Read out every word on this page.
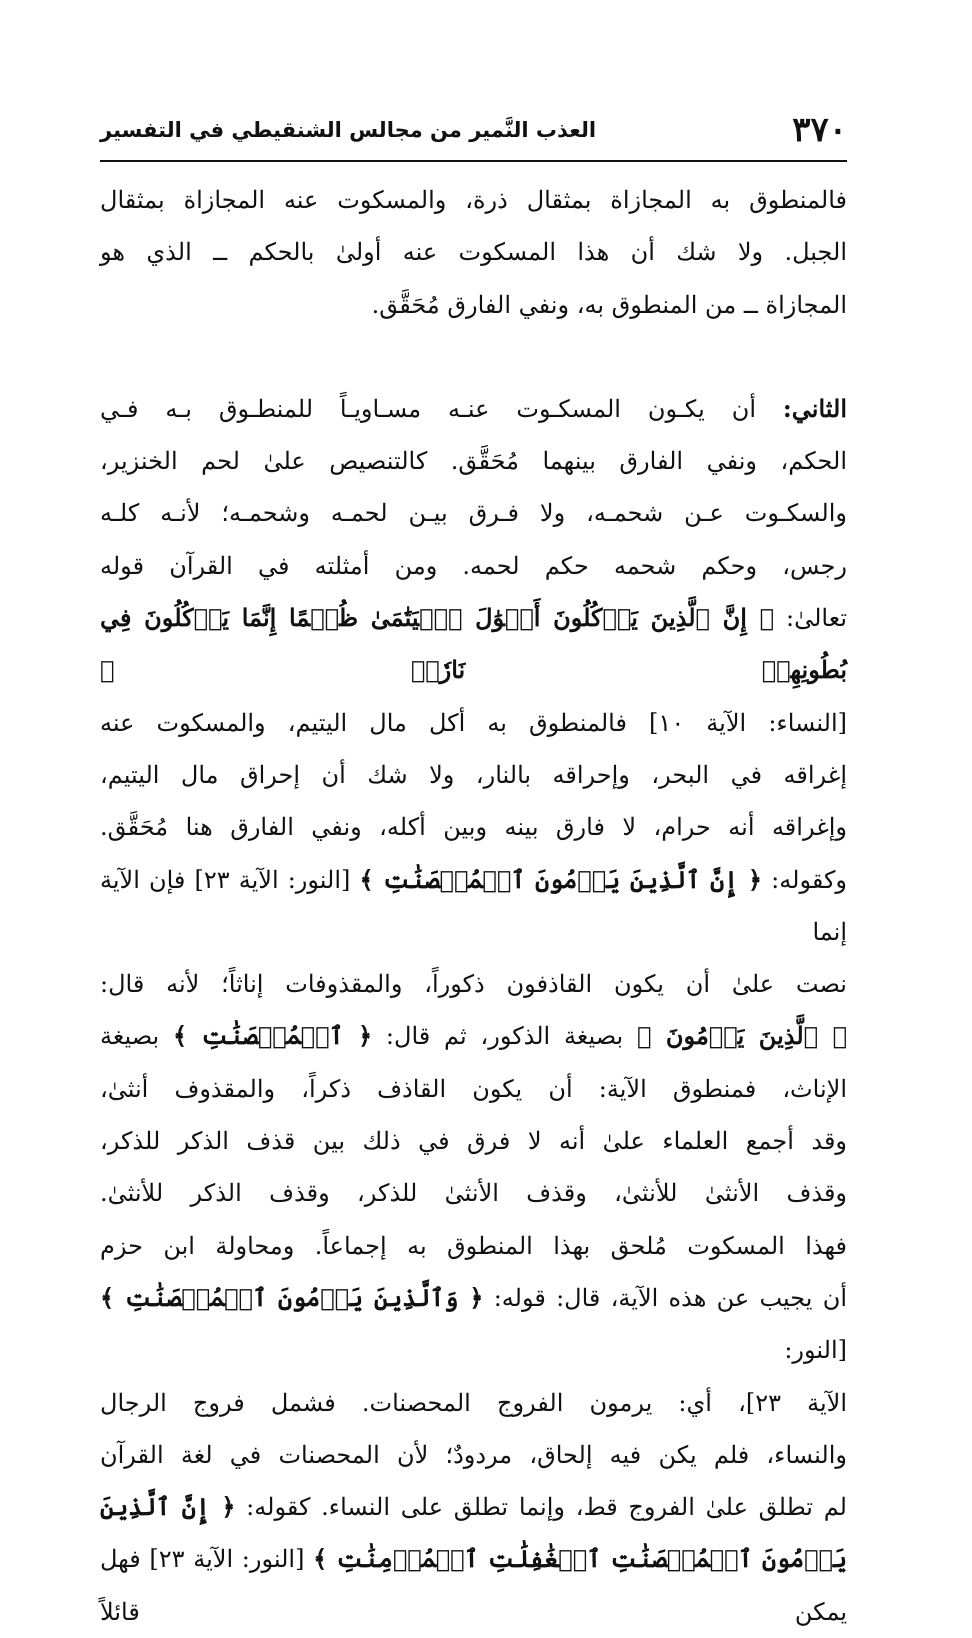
٣٧٠
العذب النَّمير من مجالس الشنقيطي في التفسير

فالمنطوق به المجازاة بمثقال ذرة، والمسكوت عنه المجازاة بمثقال

الجبل. ولا شك أن هذا المسكوت عنه أولىٰ بالحكم ــ الذي هو

المجازاة ــ من المنطوق به، ونفي الفارق مُحَقَّق.

الثاني: أن يكـون المسكـوت عنـه مسـاويـاً للمنطـوق بـه فـي

الحكم، ونفي الفارق بينهما مُحَقَّق. كالتنصيص علىٰ لحم الخنزير،

والسكـوت عـن شحمـه، ولا فـرق بيـن لحمـه وشحمـه؛ لأنـه كلـه

رجس، وحكم شحمه حكم لحمه. ومن أمثلته في القرآن قوله

تعالىٰ: ﴿ إِنَّ ٱلَّذِينَ يَأۡكُلُونَ أَمۡوَٰلَ ٱلۡيَتَٰمَىٰ ظُلۡمًا إِنَّمَا يَأۡكُلُونَ فِي بُطُونِهِمۡ نَارٗاۖ ﴾

[النساء: الآية ١٠] فالمنطوق به أكل مال اليتيم، والمسكوت عنه

إغراقه في البحر، وإحراقه بالنار، ولا شك أن إحراق مال اليتيم،

وإغراقه أنه حرام، لا فارق بينه وبين أكله، ونفي الفارق هنا مُحَقَّق.

وكقوله: ﴿ إِنَّ ٱلَّذِينَ يَرۡمُونَ ٱلۡمُحۡصَنَٰتِ ﴾ [النور: الآية ٢٣] فإن الآية إنما

نصت علىٰ أن يكون القاذفون ذكوراً، والمقذوفات إناثاً؛ لأنه قال:

﴿ ٱلَّذِينَ يَرۡمُونَ ﴾ بصيغة الذكور، ثم قال: ﴿ ٱلۡمُحۡصَنَٰتِ ﴾ بصيغة

الإناث، فمنطوق الآية: أن يكون القاذف ذكراً، والمقذوف أنثىٰ،

وقد أجمع العلماء علىٰ أنه لا فرق في ذلك بين قذف الذكر للذكر،

وقذف الأنثىٰ للأنثىٰ، وقذف الأنثىٰ للذكر، وقذف الذكر للأنثىٰ.

فهذا المسكوت مُلحق بهذا المنطوق به إجماعاً. ومحاولة ابن حزم

أن يجيب عن هذه الآية، قال: قوله: ﴿ وَٱلَّذِينَ يَرۡمُونَ ٱلۡمُحۡصَنَٰتِ ﴾ [النور:

الآية ٢٣]، أي: يرمون الفروج المحصنات. فشمل فروج الرجال

والنساء، فلم يكن فيه إلحاق، مردودٌ؛ لأن المحصنات في لغة القرآن

لم تطلق علىٰ الفروج قط، وإنما تطلق على النساء. كقوله: ﴿ إِنَّ ٱلَّذِينَ

يَرۡمُونَ ٱلۡمُحۡصَنَٰتِ ٱلۡغَٰفِلَٰتِ ٱلۡمُؤۡمِنَٰتِ ﴾ [النور: الآية ٢٣] فهل يمكن قائلاً
